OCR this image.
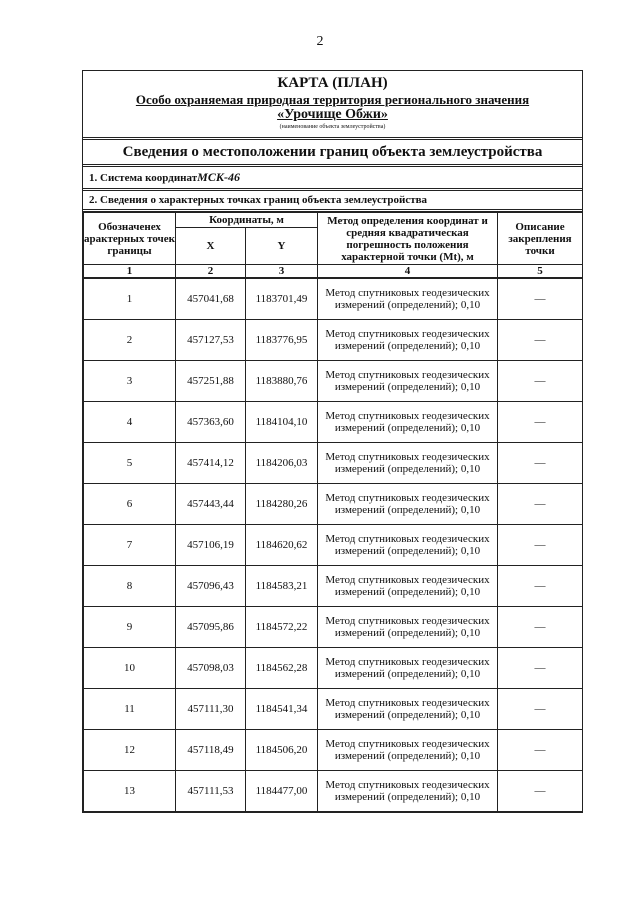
2
КАРТА (ПЛАН)
Особо охраняемая природная территория регионального значения
«Урочище Обжи»
(наименование объекта землеустройства)
Сведения о местоположении границ объекта землеустройства
1. Система координатМСК-46
2. Сведения о характерных точках границ объекта землеустройства
Обозначенех арактерных точек границы	Координаты, м		Метод определения координат и средняя квадратическая погрешность положения характерной точки (Mt), м	Описание закрепления точки
	X	Y		
1	2	3	4	5
1	457041,68	1183701,49	Метод спутниковых геодезических измерений (определений); 0,10	—
2	457127,53	1183776,95	Метод спутниковых геодезических измерений (определений); 0,10	—
3	457251,88	1183880,76	Метод спутниковых геодезических измерений (определений); 0,10	—
4	457363,60	1184104,10	Метод спутниковых геодезических измерений (определений); 0,10	—
5	457414,12	1184206,03	Метод спутниковых геодезических измерений (определений); 0,10	—
6	457443,44	1184280,26	Метод спутниковых геодезических измерений (определений); 0,10	—
7	457106,19	1184620,62	Метод спутниковых геодезических измерений (определений); 0,10	—
8	457096,43	1184583,21	Метод спутниковых геодезических измерений (определений); 0,10	—
9	457095,86	1184572,22	Метод спутниковых геодезических измерений (определений); 0,10	—
10	457098,03	1184562,28	Метод спутниковых геодезических измерений (определений); 0,10	—
11	457111,30	1184541,34	Метод спутниковых геодезических измерений (определений); 0,10	—
12	457118,49	1184506,20	Метод спутниковых геодезических измерений (определений); 0,10	—
13	457111,53	1184477,00	Метод спутниковых геодезических измерений (определений); 0,10	—
